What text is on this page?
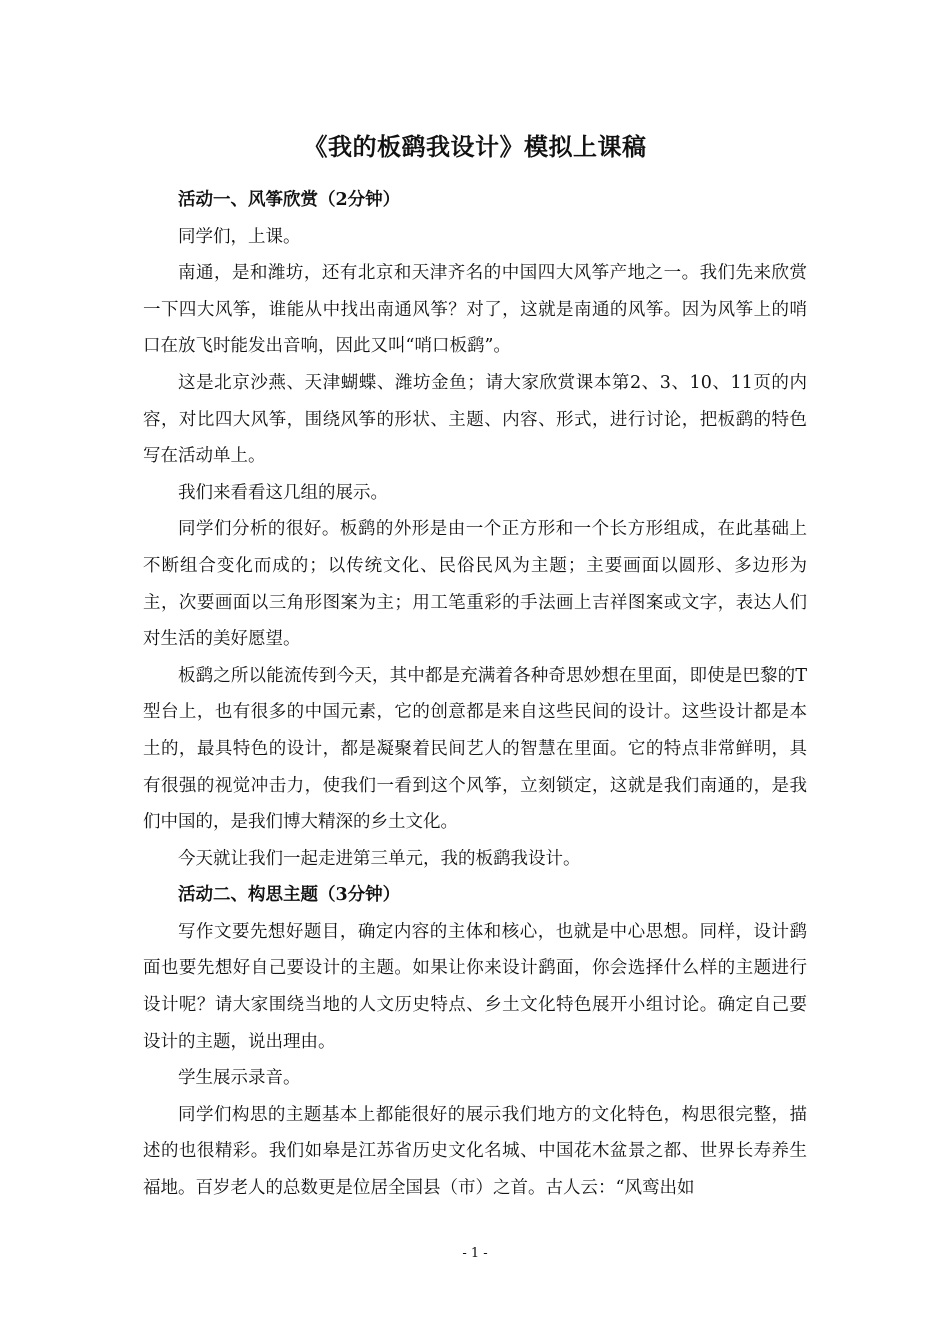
《我的板鹞我设计》模拟上课稿

活动一、风筝欣赏（2分钟）

同学们，上课。

南通，是和潍坊，还有北京和天津齐名的中国四大风筝产地之一。我们先来欣赏一下四大风筝，谁能从中找出南通风筝？对了，这就是南通的风筝。因为风筝上的哨口在放飞时能发出音响，因此又叫“哨口板鹞”。

这是北京沙燕、天津蝴蝶、潍坊金鱼；请大家欣赏课本第2、3、10、11页的内容，对比四大风筝，围绕风筝的形状、主题、内容、形式，进行讨论，把板鹞的特色写在活动单上。

我们来看看这几组的展示。

同学们分析的很好。板鹞的外形是由一个正方形和一个长方形组成，在此基础上不断组合变化而成的；以传统文化、民俗民风为主题；主要画面以圆形、多边形为主，次要画面以三角形图案为主；用工笔重彩的手法画上吉祥图案或文字，表达人们对生活的美好愿望。

板鹞之所以能流传到今天，其中都是充满着各种奇思妙想在里面，即使是巴黎的T型台上，也有很多的中国元素，它的创意都是来自这些民间的设计。这些设计都是本土的，最具特色的设计，都是凝聚着民间艺人的智慧在里面。它的特点非常鲜明，具有很强的视觉冲击力，使我们一看到这个风筝，立刻锁定，这就是我们南通的，是我们中国的，是我们博大精深的乡土文化。

今天就让我们一起走进第三单元，我的板鹞我设计。

活动二、构思主题（3分钟）

写作文要先想好题目，确定内容的主体和核心，也就是中心思想。同样，设计鹞面也要先想好自己要设计的主题。如果让你来设计鹞面，你会选择什么样的主题进行设计呢？请大家围绕当地的人文历史特点、乡土文化特色展开小组讨论。确定自己要设计的主题，说出理由。

学生展示录音。

同学们构思的主题基本上都能很好的展示我们地方的文化特色，构思很完整，描述的也很精彩。我们如皋是江苏省历史文化名城、中国花木盆景之都、世界长寿养生福地。百岁老人的总数更是位居全国县（市）之首。古人云：“风鸾出如

- 1 -
